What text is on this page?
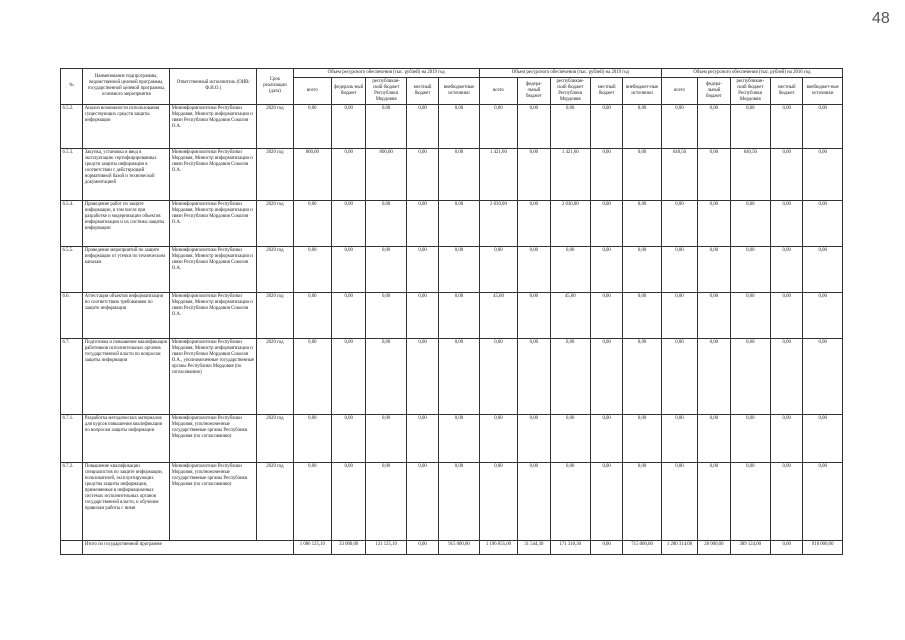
48
№	Наименование подпрограммы, ведомственной целевой программы, государственной целевой программы, основного мероприятия	Ответственный исполнитель (ОИВ/Ф.И.О.)	Срок реализации (дата)	Объем ресурсного обеспечения (тыс. рублей) на 2019 год					Объем ресурсного обеспечения (тыс. рублей) на 2019 год					Объем ресурсного обеспечения (тыс. рублей) на 2016 год				
				всего	федераль-ный бюджет	республикан-ский бюджет Республики Мордовия	местный бюджет	внебюджетные источники	всего	федера-льный бюджет	республикан-ский бюджет Республики Мордовия	местный бюджет	внебюджет-ные источники	всего	федера-льный бюджет	республикан-ский бюджет Республики Мордовия	местный бюджет	внебюджет-ные источники
6.5.2.	Анализ возможности использования существующих средств защиты информации	Мининформполитики Республики Мордовия, Министр информатизации и связи Республики Мордовия Соколов О.А.	2020 год	0,00	0,00	0,00	0,00	0,00	0,00	0,00	0,00	0,00	0,00	0,00	0,00	0,00	0,00	0,00
6.5.3.	Закупка, установка и ввод в эксплуатацию сертифицированных средств защиты информации в соответствии с действующей нормативной базой и технической документацией	Мининформполитики Республики Мордовия, Министр информатизации и связи Республики Мордовия Соколов О.А.	2020 год	800,00	0,00	800,00	0,00	0,00	1 421,60	0,00	1 421,60	0,00	0,00	640,50	0,00	640,50	0,00	0,00
6.5.4.	Проведение работ по защите информации, в том числе при разработке и модернизации объектов информатизации и их системы защиты информации	Мининформполитики Республики Мордовия, Министр информатизации и связи Республики Мордовия Соколов О.А.	2020 год	0,00	0,00	0,00	0,00	0,00	2 030,00	0,00	2 030,00	0,00	0,00	0,00	0,00	0,00	0,00	0,00
6.5.5.	Проведение мероприятий по защите информации от утечки по техническим каналам	Мининформполитики Республики Мордовия, Министр информатизации и связи Республики Мордовия Соколов О.А.	2020 год	0,00	0,00	0,00	0,00	0,00	0,00	0,00	0,00	0,00	0,00	0,00	0,00	0,00	0,00	0,00
6.6.	Аттестация объектов информатизации по соответствию требованиям по защите информации	Мининформполитики Республики Мордовия, Министр информатизации и связи Республики Мордовия Соколов О.А.	2020 год	0,00	0,00	0,00	0,00	0,00	45,00	0,00	45,00	0,00	0,00	0,00	0,00	0,00	0,00	0,00
6.7.	Подготовка и повышение квалификации работников исполнительных органов государственной власти по вопросам защиты информации	Мининформполитики Республики Мордовия, Министр информатизации и связи Республики Мордовия Соколов О.А., уполномоченные государственные органы Республики Мордовия (по согласованию)	2020 год	0,00	0,00	0,00	0,00	0,00	0,00	0,00	0,00	0,00	0,00	0,00	0,00	0,00	0,00	0,00
6.7.1.	Разработка методических материалов для курсов повышения квалификации по вопросам защиты информации	Мининформполитики Республики Мордовия, уполномоченные государственные органы Республики Мордовия (по согласованию)	2020 год	0,00	0,00	0,00	0,00	0,00	0,00	0,00	0,00	0,00	0,00	0,00	0,00	0,00	0,00	0,00
6.7.2.	Повышение квалификации специалистов по защите информации, пользователей, эксплуатирующих средства защиты информации, применяемые в информационных системах исполнительных органов государственной власти, и обучение правилам работы с ними	Мининформполитики Республики Мордовия, уполномоченные государственные органы Республики Мордовия (по согласованию)	2020 год	0,00	0,00	0,00	0,00	0,00	0,00	0,00	0,00	0,00	0,00	0,00	0,00	0,00	0,00	0,00
	Итого по государственной программе			1 086 125,10	33 000,00	131 125,10	0,00	915 000,00	1 196 855,00	31 544,30	171 310,30	0,00	715 000,00	1 280 314,00	28 000,00	389 124,00	0,00	910 000,00
